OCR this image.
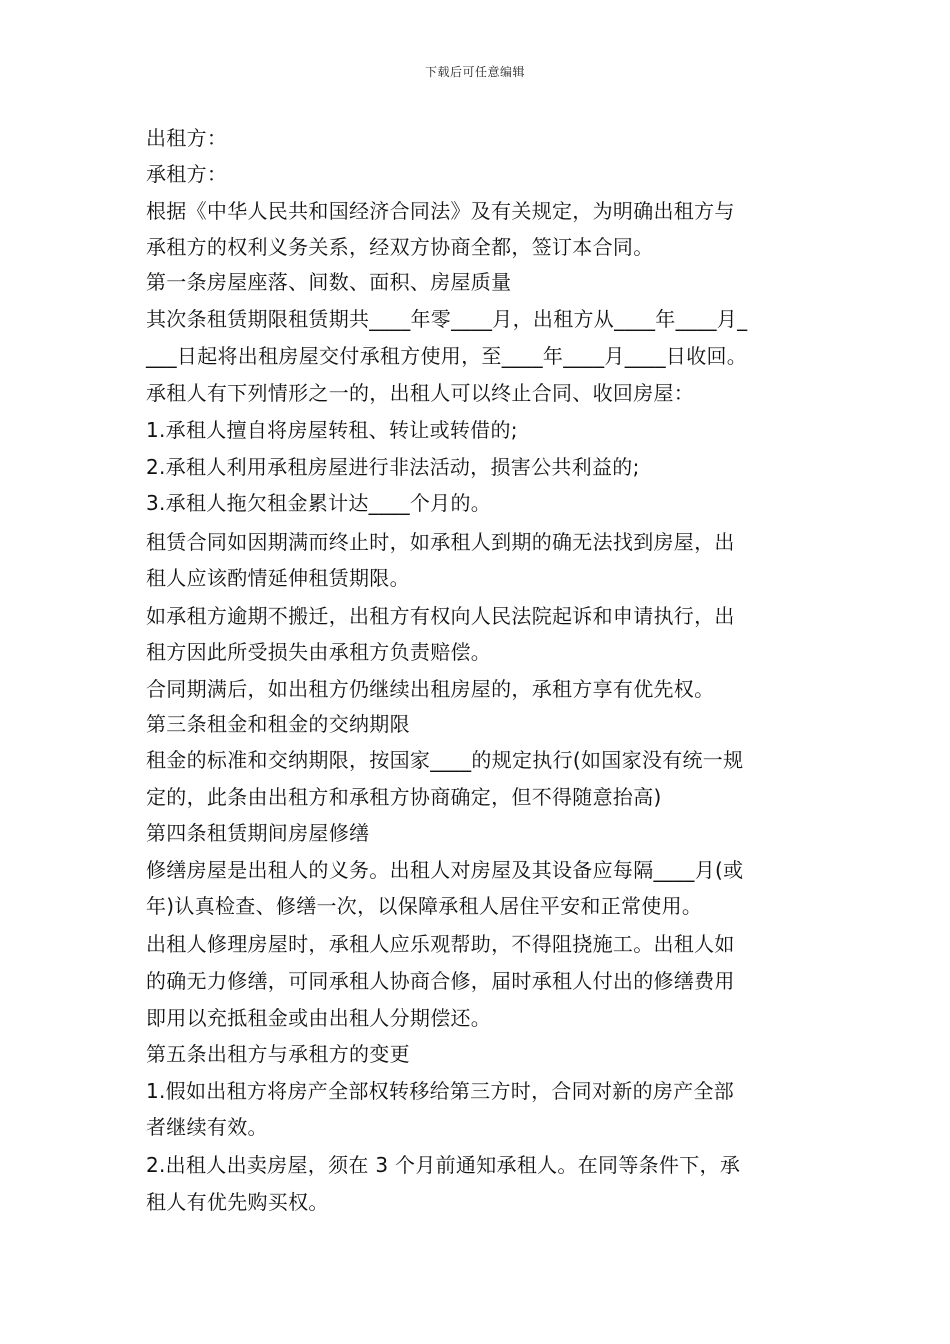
下载后可任意编辑
出租方：
承租方：
根据《中华人民共和国经济合同法》及有关规定，为明确出租方与
承租方的权利义务关系，经双方协商全都，签订本合同。
第一条房屋座落、间数、面积、房屋质量
其次条租赁期限租赁期共____年零____月，出租方从____年____月_
___日起将出租房屋交付承租方使用，至____年____月____日收回。
承租人有下列情形之一的，出租人可以终止合同、收回房屋：
1.承租人擅自将房屋转租、转让或转借的;
2.承租人利用承租房屋进行非法活动，损害公共利益的;
3.承租人拖欠租金累计达____个月的。
租赁合同如因期满而终止时，如承租人到期的确无法找到房屋，出
租人应该酌情延伸租赁期限。
如承租方逾期不搬迁，出租方有权向人民法院起诉和申请执行，出
租方因此所受损失由承租方负责赔偿。
合同期满后，如出租方仍继续出租房屋的，承租方享有优先权。
第三条租金和租金的交纳期限
租金的标准和交纳期限，按国家____的规定执行(如国家没有统一规
定的，此条由出租方和承租方协商确定，但不得随意抬高)
第四条租赁期间房屋修缮
修缮房屋是出租人的义务。出租人对房屋及其设备应每隔____月(或
年)认真检查、修缮一次，以保障承租人居住平安和正常使用。
出租人修理房屋时，承租人应乐观帮助，不得阻挠施工。出租人如
的确无力修缮，可同承租人协商合修，届时承租人付出的修缮费用
即用以充抵租金或由出租人分期偿还。
第五条出租方与承租方的变更
1.假如出租方将房产全部权转移给第三方时，合同对新的房产全部
者继续有效。
2.出租人出卖房屋，须在 3 个月前通知承租人。在同等条件下，承
租人有优先购买权。
